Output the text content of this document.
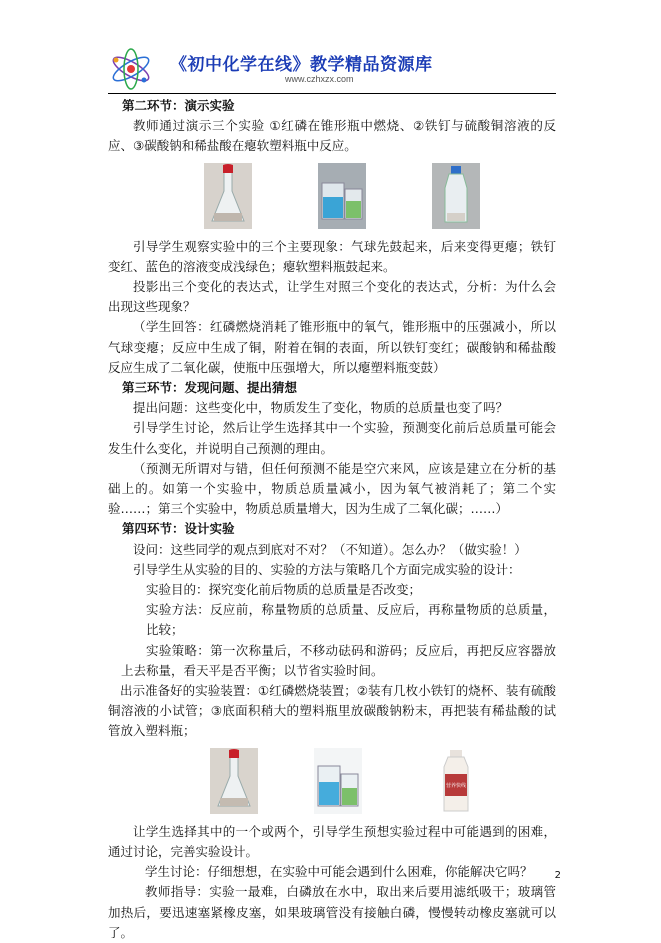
《初中化学在线》教学精品资源库
www.czhxzx.com

第二环节：演示实验

教师通过演示三个实验 ①红磷在锥形瓶中燃烧、②铁钉与硫酸铜溶液的反应、③碳酸钠和稀盐酸在瘪软塑料瓶中反应。

引导学生观察实验中的三个主要现象：气球先鼓起来，后来变得更瘪；铁钉变红、蓝色的溶液变成浅绿色；瘪软塑料瓶鼓起来。

投影出三个变化的表达式，让学生对照三个变化的表达式，分析：为什么会出现这些现象？

（学生回答：红磷燃烧消耗了锥形瓶中的氧气，锥形瓶中的压强减小，所以气球变瘪；反应中生成了铜，附着在铜的表面，所以铁钉变红；碳酸钠和稀盐酸反应生成了二氧化碳，使瓶中压强增大，所以瘪塑料瓶变鼓）

第三环节：发现问题、提出猜想

提出问题：这些变化中，物质发生了变化，物质的总质量也变了吗？

引导学生讨论，然后让学生选择其中一个实验，预测变化前后总质量可能会发生什么变化，并说明自己预测的理由。

（预测无所谓对与错，但任何预测不能是空穴来风，应该是建立在分析的基础上的。如第一个实验中，物质总质量减小，因为氧气被消耗了；第二个实验……；第三个实验中，物质总质量增大，因为生成了二氧化碳；……）

第四环节：设计实验

设问：这些同学的观点到底对不对？（不知道）。怎么办？（做实验！）

引导学生从实验的目的、实验的方法与策略几个方面完成实验的设计：

实验目的：探究变化前后物质的总质量是否改变；

实验方法：反应前，称量物质的总质量、反应后，再称量物质的总质量，比较；

实验策略：第一次称量后，不移动砝码和游码；反应后，再把反应容器放上去称量，看天平是否平衡；以节省实验时间。

出示准备好的实验装置：①红磷燃烧装置；②装有几枚小铁钉的烧杯、装有硫酸铜溶液的小试管；③底面积稍大的塑料瓶里放碳酸钠粉末，再把装有稀盐酸的试管放入塑料瓶；

营养快线

让学生选择其中的一个或两个，引导学生预想实验过程中可能遇到的困难，通过讨论，完善实验设计。

学生讨论：仔细想想，在实验中可能会遇到什么困难，你能解决它吗？

教师指导：实验一最难，白磷放在水中，取出来后要用滤纸吸干；玻璃管加热后，要迅速塞紧橡皮塞，如果玻璃管没有接触白磷，慢慢转动橡皮塞就可以了。

2
